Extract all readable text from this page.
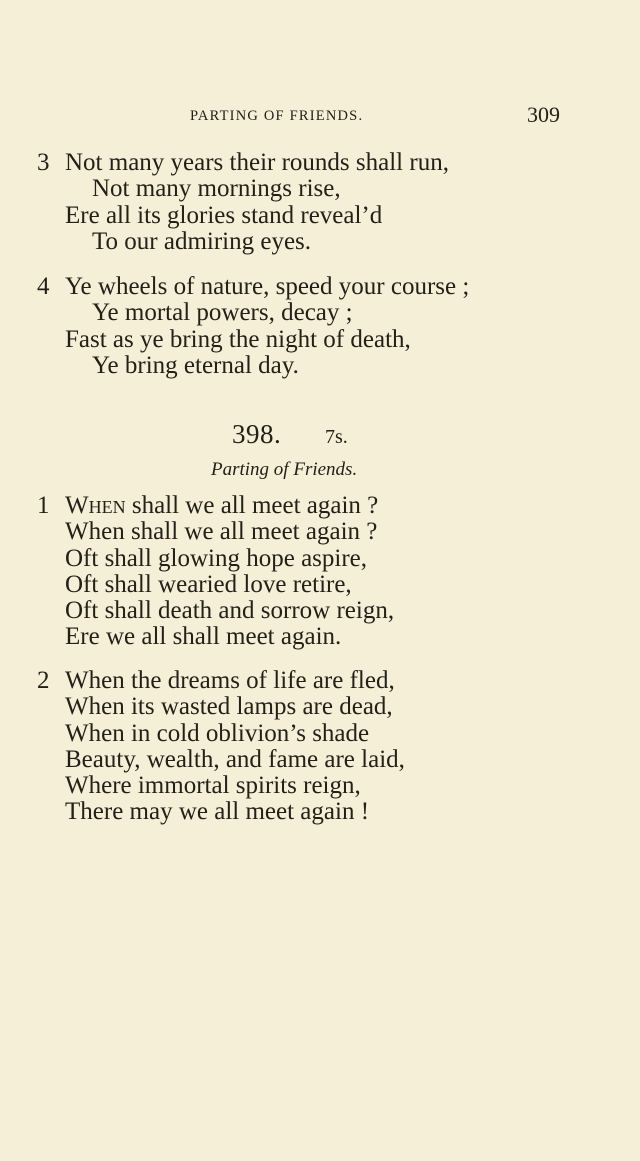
PARTING OF FRIENDS.	309
3 Not many years their rounds shall run,
Not many mornings rise,
Ere all its glories stand reveal’d
To our admiring eyes.
4 Ye wheels of nature, speed your course ;
Ye mortal powers, decay ;
Fast as ye bring the night of death,
Ye bring eternal day.
398. 7s.
Parting of Friends.
1 When shall we all meet again ?
When shall we all meet again ?
Oft shall glowing hope aspire,
Oft shall wearied love retire,
Oft shall death and sorrow reign,
Ere we all shall meet again.
2 When the dreams of life are fled,
When its wasted lamps are dead,
When in cold oblivion’s shade
Beauty, wealth, and fame are laid,
Where immortal spirits reign,
There may we all meet again !
